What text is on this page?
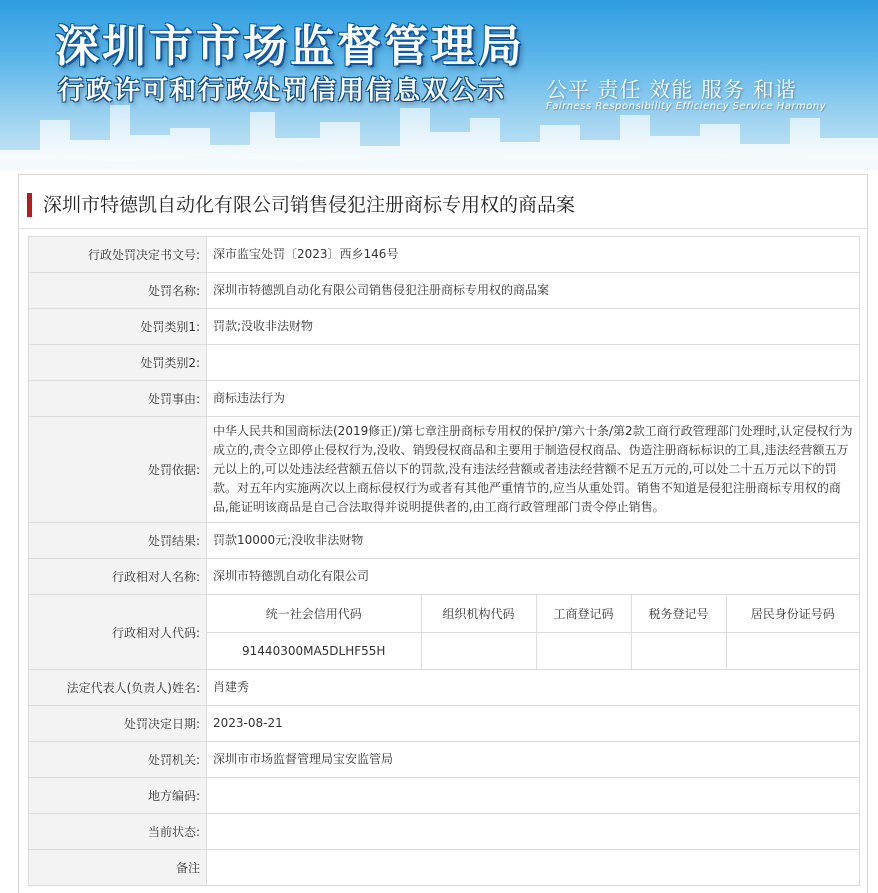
深圳市市场监督管理局
行政许可和行政处罚信用信息双公示 公平 责任 效能 服务 和谐
Fairness Responsibility Efficiency Service Harmony
深圳市特德凯自动化有限公司销售侵犯注册商标专用权的商品案
行政处罚决定书文号:	深市监宝处罚〔2023〕西乡146号
处罚名称:	深圳市特德凯自动化有限公司销售侵犯注册商标专用权的商品案
处罚类别1:	罚款;没收非法财物
处罚类别2:	
处罚事由:	商标违法行为
处罚依据:	中华人民共和国商标法(2019修正)/第七章注册商标专用权的保护/第六十条/第2款工商行政管理部门处理时,认定侵权行为成立的,责令立即停止侵权行为,没收、销毁侵权商品和主要用于制造侵权商品、伪造注册商标标识的工具,违法经营额五万元以上的,可以处违法经营额五倍以下的罚款,没有违法经营额或者违法经营额不足五万元的,可以处二十五万元以下的罚款。对五年内实施两次以上商标侵权行为或者有其他严重情节的,应当从重处罚。销售不知道是侵犯注册商标专用权的商品,能证明该商品是自己合法取得并说明提供者的,由工商行政管理部门责令停止销售。
处罚结果:	罚款10000元;没收非法财物
行政相对人名称:	深圳市特德凯自动化有限公司
行政相对人代码:	
统一社会信用代码	组织机构代码	工商登记码	税务登记号	居民身份证号码
91440300MA5DLHF55H				

法定代表人(负责人)姓名:	肖建秀
处罚决定日期:	2023-08-21
处罚机关:	深圳市市场监督管理局宝安监管局
地方编码:	
当前状态:	
备注	
